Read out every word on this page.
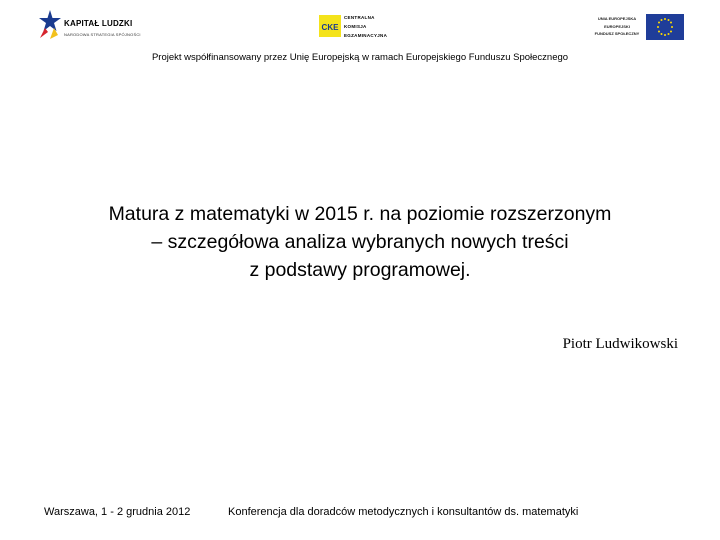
KAPITAŁ LUDZKI
NARODOWA STRATEGIA SPÓJNOŚCI
CKE
CENTRALNA
KOMISJA
EGZAMINACYJNA
UNIA EUROPEJSKA
EUROPEJSKI
FUNDUSZ SPOŁECZNY
Projekt współfinansowany przez Unię Europejską w ramach Europejskiego Funduszu Społecznego
Matura z matematyki w 2015 r. na poziomie rozszerzonym
– szczegółowa analiza wybranych nowych treści
z podstawy programowej.
Piotr Ludwikowski
Warszawa, 1 - 2 grudnia 2012	Konferencja dla doradców metodycznych i konsultantów ds. matematyki
